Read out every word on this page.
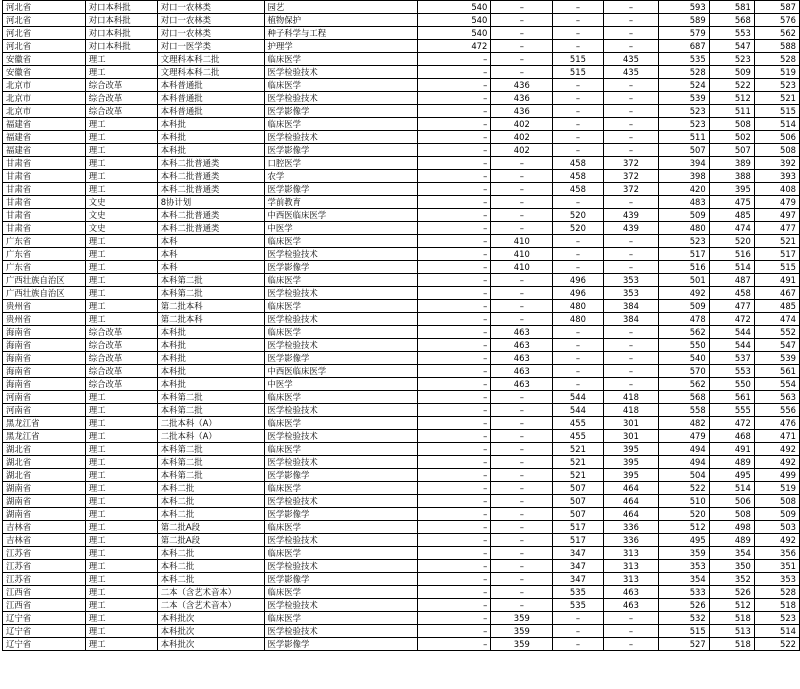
河北省	对口本科批	对口一农林类	园艺	540	–	–	–	593	581	587
河北省	对口本科批	对口一农林类	植物保护	540	–	–	–	589	568	576
河北省	对口本科批	对口一农林类	种子科学与工程	540	–	–	–	579	553	562
河北省	对口本科批	对口一医学类	护理学	472	–	–	–	687	547	588
安徽省	理工	文理科本科二批	临床医学	–	–	515	435	535	523	528
安徽省	理工	文理科本科二批	医学检验技术	–	–	515	435	528	509	519
北京市	综合改革	本科普通批	临床医学	–	436	–	–	524	522	523
北京市	综合改革	本科普通批	医学检验技术	–	436	–	–	539	512	521
北京市	综合改革	本科普通批	医学影像学	–	436	–	–	523	511	515
福建省	理工	本科批	临床医学	–	402	–	–	523	508	514
福建省	理工	本科批	医学检验技术	–	402	–	–	511	502	506
福建省	理工	本科批	医学影像学	–	402	–	–	507	507	508
甘肃省	理工	本科二批普通类	口腔医学	–	–	458	372	394	389	392
甘肃省	理工	本科二批普通类	农学	–	–	458	372	398	388	393
甘肃省	理工	本科二批普通类	医学影像学	–	–	458	372	420	395	408
甘肃省	文史	8协计划	学前教育	–	–	–	–	483	475	479
甘肃省	文史	本科二批普通类	中西医临床医学	–	–	520	439	509	485	497
甘肃省	文史	本科二批普通类	中医学	–	–	520	439	480	474	477
广东省	理工	本科	临床医学	–	410	–	–	523	520	521
广东省	理工	本科	医学检验技术	–	410	–	–	517	516	517
广东省	理工	本科	医学影像学	–	410	–	–	516	514	515
广西壮族自治区	理工	本科第二批	临床医学	–	–	496	353	501	487	491
广西壮族自治区	理工	本科第二批	医学检验技术	–	–	496	353	492	458	467
贵州省	理工	第二批本科	临床医学	–	–	480	384	509	477	485
贵州省	理工	第二批本科	医学检验技术	–	–	480	384	478	472	474
海南省	综合改革	本科批	临床医学	–	463	–	–	562	544	552
海南省	综合改革	本科批	医学检验技术	–	463	–	–	550	544	547
海南省	综合改革	本科批	医学影像学	–	463	–	–	540	537	539
海南省	综合改革	本科批	中西医临床医学	–	463	–	–	570	553	561
海南省	综合改革	本科批	中医学	–	463	–	–	562	550	554
河南省	理工	本科第二批	临床医学	–	–	544	418	568	561	563
河南省	理工	本科第二批	医学检验技术	–	–	544	418	558	555	556
黑龙江省	理工	二批本科（A）	临床医学	–	–	455	301	482	472	476
黑龙江省	理工	二批本科（A）	医学检验技术	–	–	455	301	479	468	471
湖北省	理工	本科第二批	临床医学	–	–	521	395	494	491	492
湖北省	理工	本科第二批	医学检验技术	–	–	521	395	494	489	492
湖北省	理工	本科第二批	医学影像学	–	–	521	395	504	495	499
湖南省	理工	本科二批	临床医学	–	–	507	464	522	514	519
湖南省	理工	本科二批	医学检验技术	–	–	507	464	510	506	508
湖南省	理工	本科二批	医学影像学	–	–	507	464	520	508	509
吉林省	理工	第二批A段	临床医学	–	–	517	336	512	498	503
吉林省	理工	第二批A段	医学检验技术	–	–	517	336	495	489	492
江苏省	理工	本科二批	临床医学	–	–	347	313	359	354	356
江苏省	理工	本科二批	医学检验技术	–	–	347	313	353	350	351
江苏省	理工	本科二批	医学影像学	–	–	347	313	354	352	353
江西省	理工	二本（含艺术音本）	临床医学	–	–	535	463	533	526	528
江西省	理工	二本（含艺术音本）	医学检验技术	–	–	535	463	526	512	518
辽宁省	理工	本科批次	临床医学	–	359	–	–	532	518	523
辽宁省	理工	本科批次	医学检验技术	–	359	–	–	515	513	514
辽宁省	理工	本科批次	医学影像学	–	359	–	–	527	518	522
